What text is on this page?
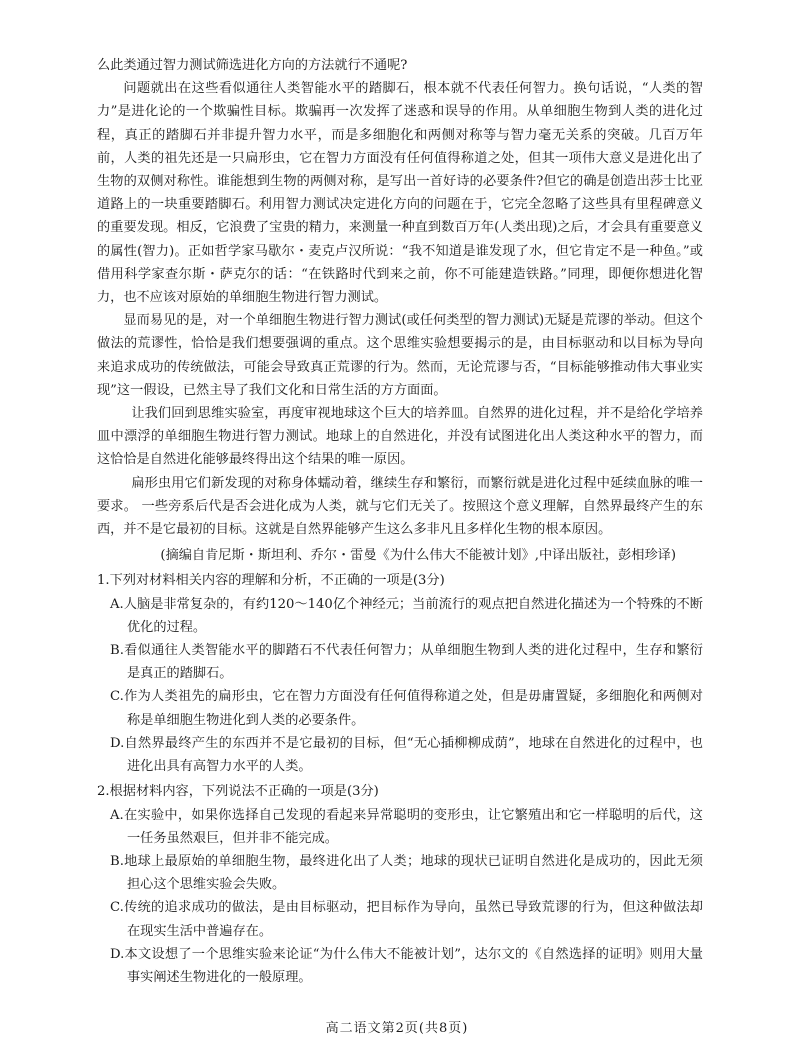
么此类通过智力测试筛选进化方向的方法就行不通呢?

问题就出在这些看似通往人类智能水平的踏脚石，根本就不代表任何智力。换句话说，“人类的智力”是进化论的一个欺骗性目标。欺骗再一次发挥了迷惑和误导的作用。从单细胞生物到人类的进化过程，真正的踏脚石并非提升智力水平，而是多细胞化和两侧对称等与智力毫无关系的突破。几百万年前，人类的祖先还是一只扁形虫，它在智力方面没有任何值得称道之处，但其一项伟大意义是进化出了生物的双侧对称性。谁能想到生物的两侧对称，是写出一首好诗的必要条件?但它的确是创造出莎士比亚道路上的一块重要踏脚石。利用智力测试决定进化方向的问题在于，它完全忽略了这些具有里程碑意义的重要发现。相反，它浪费了宝贵的精力，来测量一种直到数百万年(人类出现)之后，才会具有重要意义的属性(智力)。正如哲学家马歇尔・麦克卢汉所说：“我不知道是谁发现了水，但它肯定不是一种鱼。”或借用科学家查尔斯・萨克尔的话：“在铁路时代到来之前，你不可能建造铁路。”同理，即便你想进化智力，也不应该对原始的单细胞生物进行智力测试。

显而易见的是，对一个单细胞生物进行智力测试(或任何类型的智力测试)无疑是荒谬的举动。但这个做法的荒谬性，恰恰是我们想要强调的重点。这个思维实验想要揭示的是，由目标驱动和以目标为导向来追求成功的传统做法，可能会导致真正荒谬的行为。然而，无论荒谬与否，“目标能够推动伟大事业实现”这一假设，已然主导了我们文化和日常生活的方方面面。

让我们回到思维实验室，再度审视地球这个巨大的培养皿。自然界的进化过程，并不是给化学培养皿中漂浮的单细胞生物进行智力测试。地球上的自然进化，并没有试图进化出人类这种水平的智力，而这恰恰是自然进化能够最终得出这个结果的唯一原因。

扁形虫用它们新发现的对称身体蠕动着，继续生存和繁衍，而繁衍就是进化过程中延续血脉的唯一要求。 一些旁系后代是否会进化成为人类，就与它们无关了。按照这个意义理解，自然界最终产生的东西，并不是它最初的目标。这就是自然界能够产生这么多非凡且多样化生物的根本原因。

(摘编自肯尼斯・斯坦利、乔尔・雷曼《为什么伟大不能被计划》,中译出版社，彭相珍译)

1.下列对材料相关内容的理解和分析，不正确的一项是(3分)

A.人脑是非常复杂的，有约120～140亿个神经元；当前流行的观点把自然进化描述为一个特殊的不断优化的过程。

B.看似通往人类智能水平的脚踏石不代表任何智力；从单细胞生物到人类的进化过程中，生存和繁衍是真正的踏脚石。

C.作为人类祖先的扁形虫，它在智力方面没有任何值得称道之处，但是毋庸置疑，多细胞化和两侧对称是单细胞生物进化到人类的必要条件。

D.自然界最终产生的东西并不是它最初的目标，但“无心插柳柳成荫”，地球在自然进化的过程中，也进化出具有高智力水平的人类。

2.根据材料内容，下列说法不正确的一项是(3分)

A.在实验中，如果你选择自己发现的看起来异常聪明的变形虫，让它繁殖出和它一样聪明的后代，这一任务虽然艰巨，但并非不能完成。

B.地球上最原始的单细胞生物，最终进化出了人类；地球的现状已证明自然进化是成功的，因此无须担心这个思维实验会失败。

C.传统的追求成功的做法，是由目标驱动，把目标作为导向，虽然已导致荒谬的行为，但这种做法却在现实生活中普遍存在。

D.本文设想了一个思维实验来论证“为什么伟大不能被计划”，达尔文的《自然选择的证明》则用大量事实阐述生物进化的一般原理。

高二语文第2页(共8页)
